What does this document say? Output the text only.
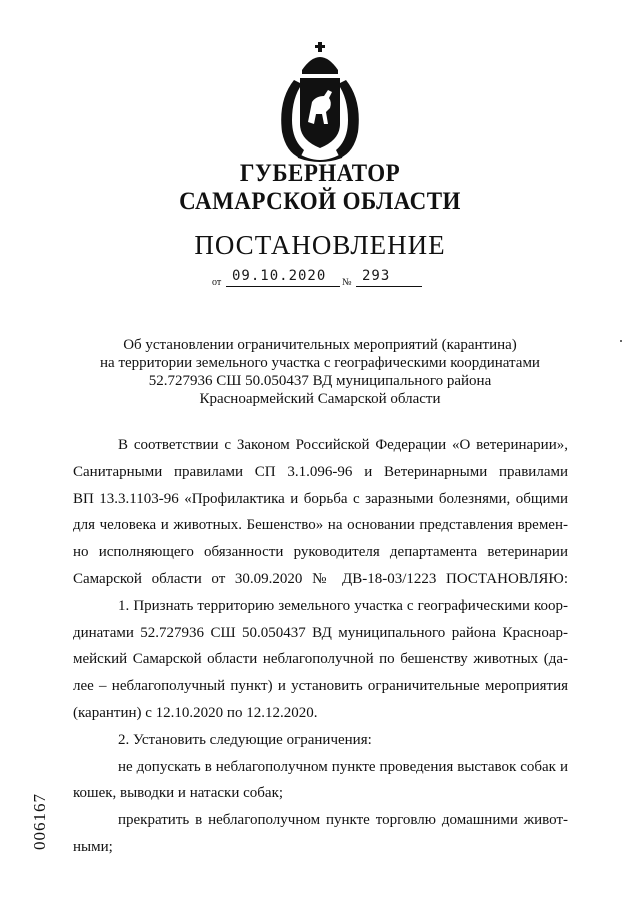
ГУБЕРНАТОР
САМАРСКОЙ ОБЛАСТИ
ПОСТАНОВЛЕНИЕ
от 09.10.2020 № 293
Об установлении ограничительных мероприятий (карантина)
на территории земельного участка с географическими координатами
52.727936 СШ 50.050437 ВД муниципального района
Красноармейский Самарской области
В соответствии с Законом Российской Федерации «О ветеринарии»,
Санитарными правилами СП 3.1.096-96 и Ветеринарными правилами
ВП 13.3.1103-96 «Профилактика и борьба с заразными болезнями, общими
для человека и животных. Бешенство» на основании представления времен-
но исполняющего обязанности руководителя департамента ветеринарии
Самарской области от 30.09.2020 № ДВ-18-03/1223 ПОСТАНОВЛЯЮ:
1. Признать территорию земельного участка с географическими коор-
динатами 52.727936 СШ 50.050437 ВД муниципального района Красноар-
мейский Самарской области неблагополучной по бешенству животных (да-
лее – неблагополучный пункт) и установить ограничительные мероприятия
(карантин) с 12.10.2020 по 12.12.2020.
2. Установить следующие ограничения:
не допускать в неблагополучном пункте проведения выставок собак и
кошек, выводки и натаски собак;
прекратить в неблагополучном пункте торговлю домашними живот-
ными;
006167
